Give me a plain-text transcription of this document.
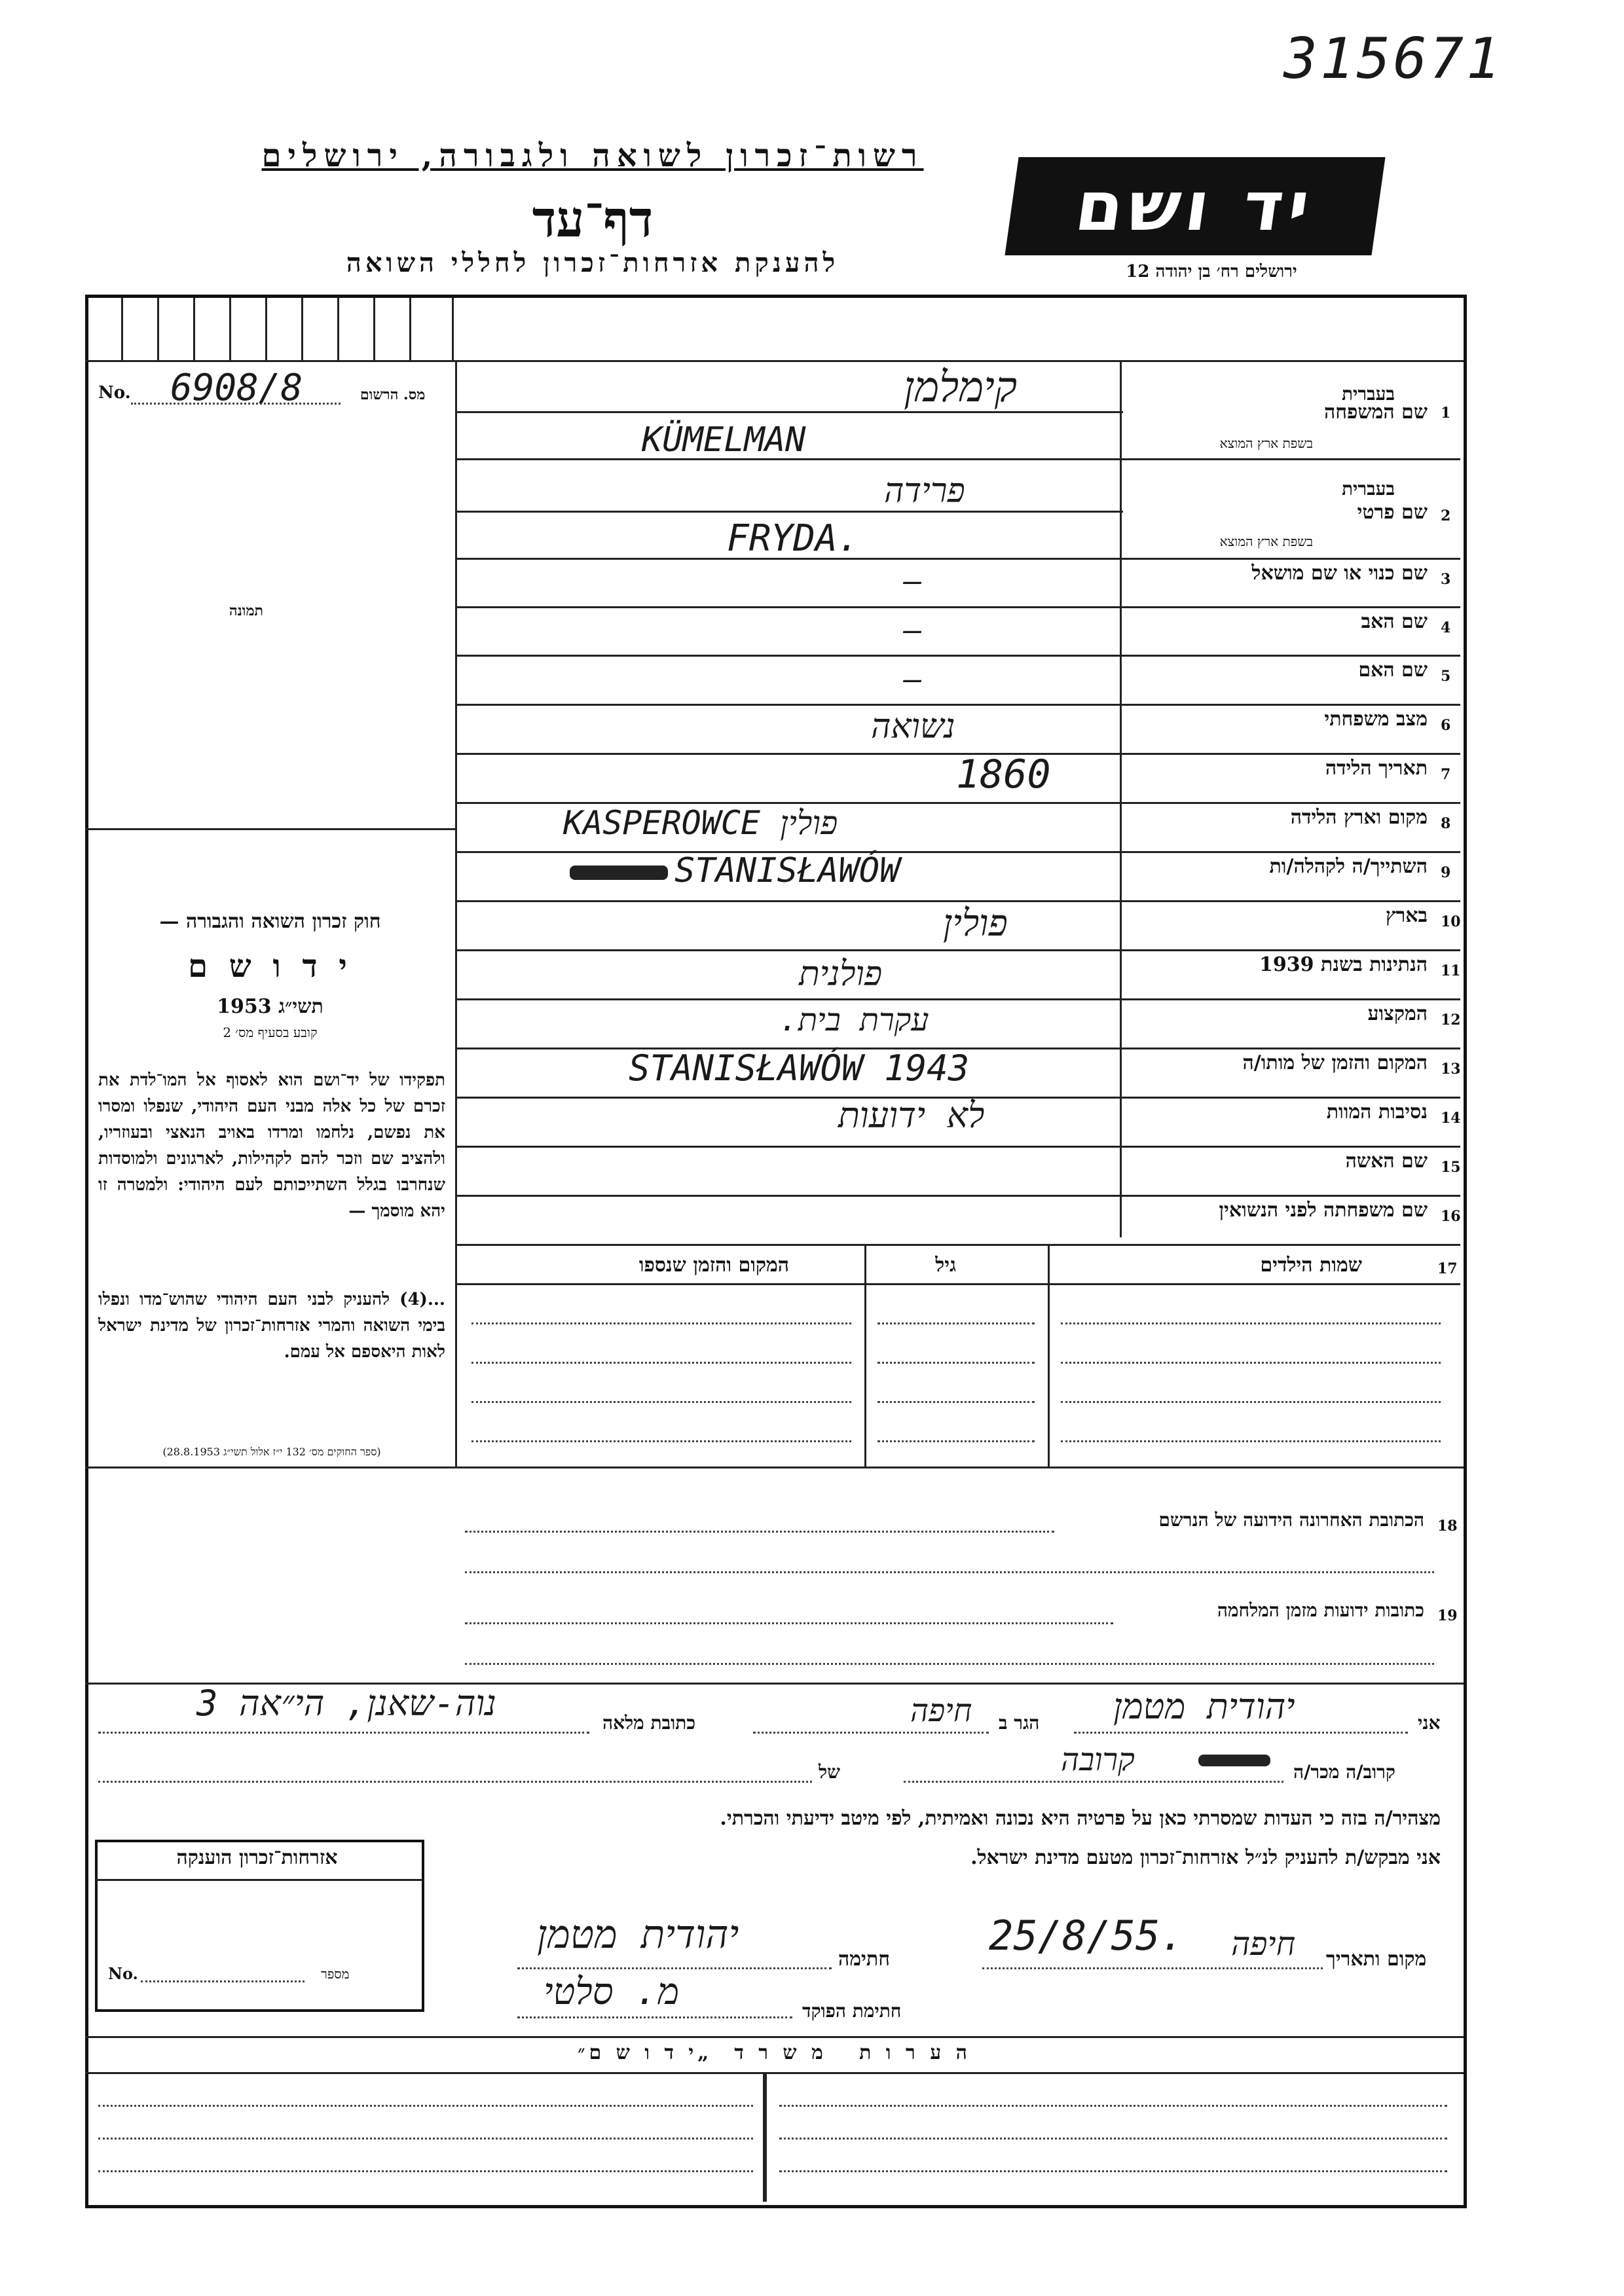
315671
רשות־זכרון לשואה ולגבורה, ירושלים
דף־עד
להענקת אזרחות־זכרון לחללי השואה
יד ושם
ירושלים רח׳ בן יהודה 12
No. 6908/8	מס. הרשום
תמונה
חוק זכרון השואה והגבורה —
י ד ו ש ם
תשי״ג 1953
קובע בסעיף מס׳ 2
תפקידו של יד־ושם הוא לאסוף אל המו־לדת את זכרם של כל אלה מבני העם היהודי, שנפלו ומסרו את נפשם, נלחמו ומרדו באויב הנאצי ובעוזריו, ולהציב שם וזכר להם לקהילות, לארגונים ולמוסדות שנחרבו בגלל השתייכותם לעם היהודי: ולמטרה זו יהא מוסמך —
...(4) להעניק לבני העם היהודי שהוש־מדו ונפלו בימי השואה והמרי אזרחות־זכרון של מדינת ישראל לאות היאספם אל עמם.
(ספר החוקים מס׳ 132 י״ז אלול תשי״ג 28.8.1953)
1
שם המשפחה
בעברית
בשפת ארץ המוצא
קימלמן
KÜMELMAN
2
שם פרטי
בעברית
בשפת ארץ המוצא
פרידה
FRYDA.
3
שם כנוי או שם מושאל
—
4
שם האב
—
5
שם האם
—
6
מצב משפחתי
נשואה
7
תאריך הלידה
1860
8
מקום וארץ הלידה
KASPEROWCE פולין
9
השתייך/ה לקהלה/ות
STANISŁAWÓW
10
בארץ
פולין
11
הנתינות בשנת 1939
פולנית
12
המקצוע
עקרת בית.
13
המקום והזמן של מותו/ה
STANISŁAWÓW 1943
14
נסיבות המוות
לא ידועות
15
שם האשה
16
שם משפחתה לפני הנשואין
17
שמות הילדים
גיל
המקום והזמן שנספו
18
הכתובת האחרונה הידועה של הנרשם
19
כתובות ידועות מזמן המלחמה
אני
יהודית מטמן
הגר ב
חיפה
כתובת מלאה
נוה-שאנן, הי״אה 3
קרוב/ה מכר/ה
קרובה
של
מצהיר/ה בזה כי העדות שמסרתי כאן על פרטיה היא נכונה ואמיתית, לפי מיטב ידיעתי והכרתי.
אני מבקש/ת להעניק לנ״ל אזרחות־זכרון מטעם מדינת ישראל.
אזרחות־זכרון הוענקה
No.	מספר
מקום ותאריך
חיפה
25/8/55.
חתימה
יהודית מטמן
חתימת הפוקד
מ. סלטי
ה ע ר ו ת   מ ש ר ד  „י ד ו ש ם״
